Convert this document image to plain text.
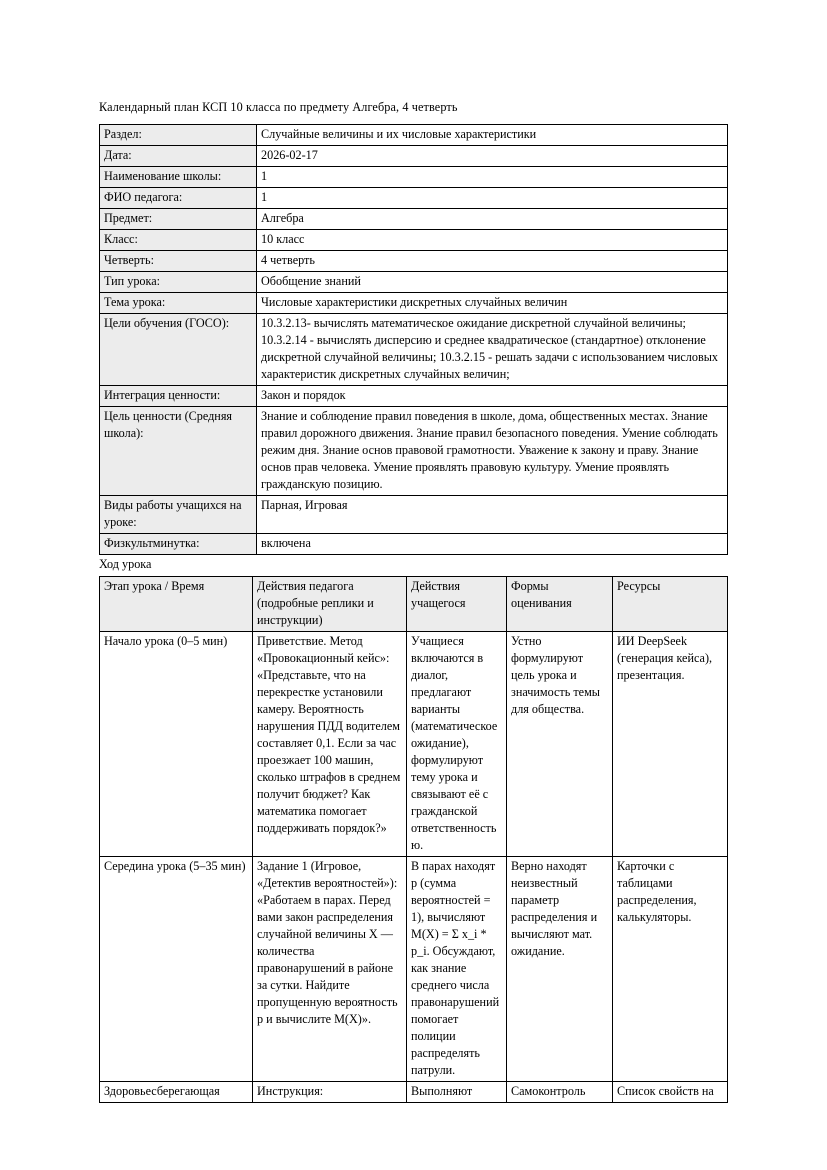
Календарный план КСП 10 класса по предмету Алгебра, 4 четверть

Раздел:	Случайные величины и их числовые характеристики
Дата:	2026-02-17
Наименование школы:	1
ФИО педагога:	1
Предмет:	Алгебра
Класс:	10 класс
Четверть:	4 четверть
Тип урока:	Обобщение знаний
Тема урока:	Числовые характеристики дискретных случайных величин
Цели обучения (ГОСО):	10.3.2.13- вычислять математическое ожидание дискретной случайной величины; 10.3.2.14 - вычислять дисперсию и среднее квадратическое (стандартное) отклонение дискретной случайной величины; 10.3.2.15 - решать задачи с использованием числовых характеристик дискретных случайных величин;
Интеграция ценности:	Закон и порядок
Цель ценности (Средняя школа):	Знание и соблюдение правил поведения в школе, дома, общественных местах. Знание правил дорожного движения. Знание правил безопасного поведения. Умение соблюдать режим дня. Знание основ правовой грамотности. Уважение к закону и праву. Знание основ прав человека. Умение проявлять правовую культуру. Умение проявлять гражданскую позицию.
Виды работы учащихся на уроке:	Парная, Игровая
Физкультминутка:	включена

Ход урока

Этап урока / Время	Действия педагога (подробные реплики и инструкции)	Действия учащегося	Формы оценивания	Ресурсы
Начало урока (0–5 мин)	Приветствие. Метод «Провокационный кейс»: «Представьте, что на перекрестке установили камеру. Вероятность нарушения ПДД водителем составляет 0,1. Если за час проезжает 100 машин, сколько штрафов в среднем получит бюджет? Как математика помогает поддерживать порядок?»	Учащиеся включаются в диалог, предлагают варианты (математическое ожидание), формулируют тему урока и связывают её с гражданской ответственностью.	Устно формулируют цель урока и значимость темы для общества.	ИИ DeepSeek (генерация кейса), презентация.
Середина урока (5–35 мин)	Задание 1 (Игровое, «Детектив вероятностей»): «Работаем в парах. Перед вами закон распределения случайной величины X — количества правонарушений в районе за сутки. Найдите пропущенную вероятность p и вычислите M(X)».	В парах находят p (сумма вероятностей = 1), вычисляют M(X) = Σ x_i * p_i. Обсуждают, как знание среднего числа правонарушений помогает полиции распределять патрули.	Верно находят неизвестный параметр распределения и вычисляют мат. ожидание.	Карточки с таблицами распределения, калькуляторы.
Здоровьесберегающая	Инструкция:	Выполняют	Самоконтроль	Список свойств на
